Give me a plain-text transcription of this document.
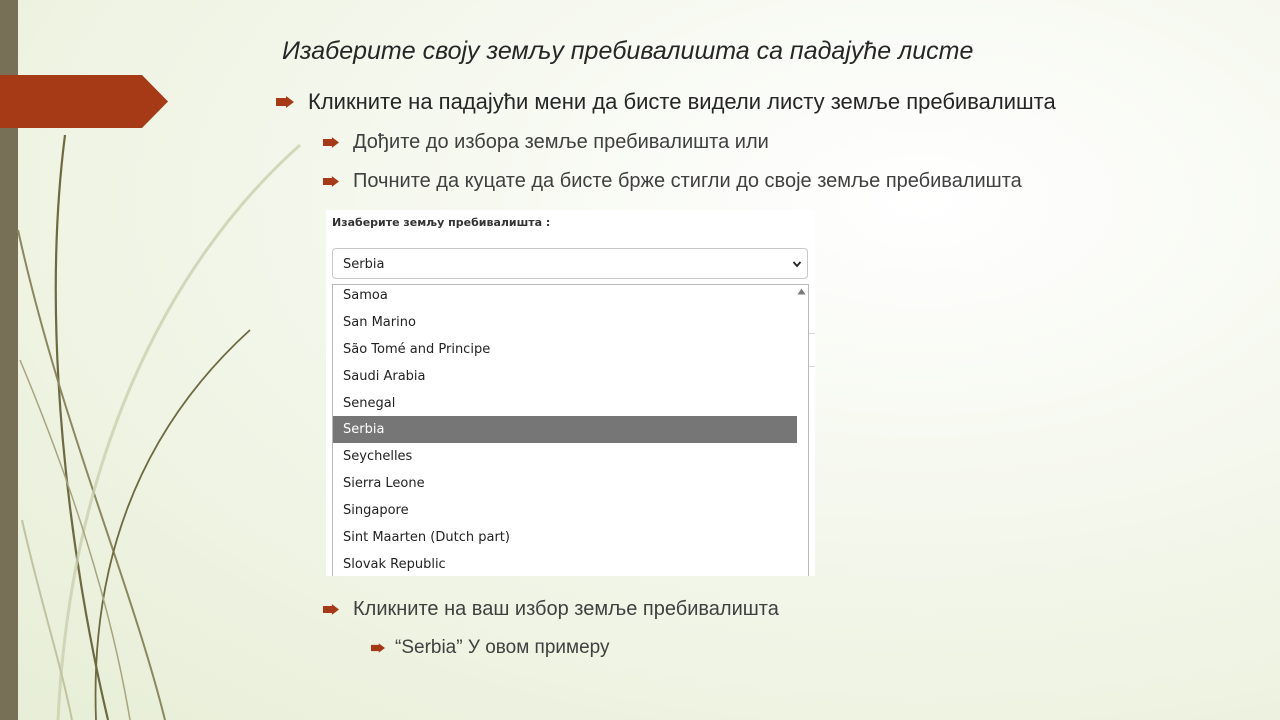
Изаберите своју земљу пребивалишта са падајуће листе
Кликните на падајући мени да бисте видели листу земље пребивалишта
Дођите до избора земље пребивалишта или
Почните да куцате да бисте брже стигли до своје земље пребивалишта
Изаберите земљу пребивалишта :
Serbia
Samoa
San Marino
São Tomé and Principe
Saudi Arabia
Senegal
Serbia
Seychelles
Sierra Leone
Singapore
Sint Maarten (Dutch part)
Slovak Republic
Кликните на ваш избор земље пребивалишта
“Serbia” У овом примеру
